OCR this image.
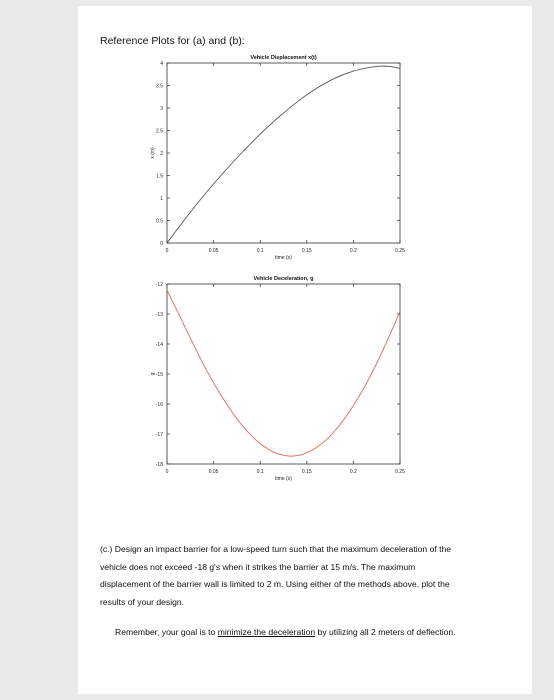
Reference Plots for (a) and (b):
0	0.05	0.1	0.15	0.2	0.25
0
0.5
1
1.5
2
2.5
3
3.5
4
Vehicle Displacement x(t)
time (s)
x (m)
0	0.05	0.1	0.15	0.2	0.25
-18
-17
-16
-15
-14
-13
-12
Vehicle Deceleration, g
time (s)
g
(c.) Design an impact barrier for a low-speed turn such that the maximum deceleration of the
vehicle does not exceed -18 g's when it strikes the barrier at 15 m/s. The maximum
displacement of the barrier wall is limited to 2 m. Using either of the methods above, plot the
results of your design.
Remember, your goal is to minimize the deceleration by utilizing all 2 meters of deflection.
